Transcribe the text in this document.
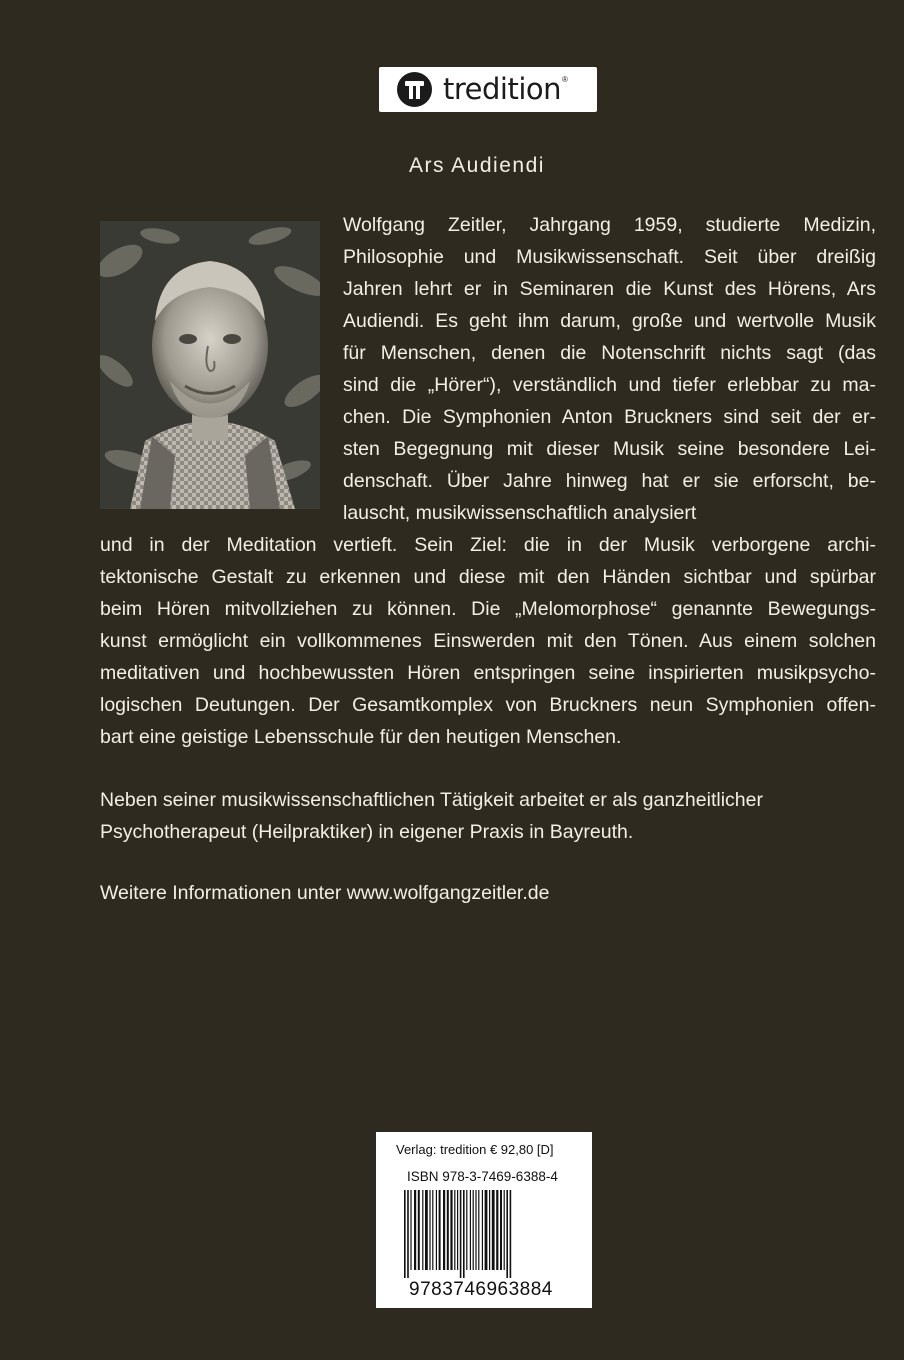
tredition ®
Ars Audiendi
Wolfgang Zeitler, Jahrgang 1959, studierte Medizin,
Philosophie und Musikwissenschaft. Seit über dreißig
Jahren lehrt er in Seminaren die Kunst des Hörens, Ars
Audiendi. Es geht ihm darum, große und wertvolle Musik
für Menschen, denen die Notenschrift nichts sagt (das
sind die „Hörer“), verständlich und tiefer erlebbar zu ma-
chen. Die Symphonien Anton Bruckners sind seit der er-
sten Begegnung mit dieser Musik seine besondere Lei-
denschaft. Über Jahre hinweg hat er sie erforscht, be-
lauscht, musikwissenschaftlich analysiert
und in der Meditation vertieft. Sein Ziel: die in der Musik verborgene archi-
tektonische Gestalt zu erkennen und diese mit den Händen sichtbar und spürbar
beim Hören mitvollziehen zu können. Die „Melomorphose“ genannte Bewegungs-
kunst ermöglicht ein vollkommenes Einswerden mit den Tönen. Aus einem solchen
meditativen und hochbewussten Hören entspringen seine inspirierten musikpsycho-
logischen Deutungen. Der Gesamtkomplex von Bruckners neun Symphonien offen-
bart eine geistige Lebensschule für den heutigen Menschen.
Neben seiner musikwissenschaftlichen Tätigkeit arbeitet er als ganzheitlicher
Psychotherapeut (Heilpraktiker) in eigener Praxis in Bayreuth.
Weitere Informationen unter www.wolfgangzeitler.de
Verlag: tredition € 92,80 [D]
ISBN 978-3-7469-6388-4
9783746963884
